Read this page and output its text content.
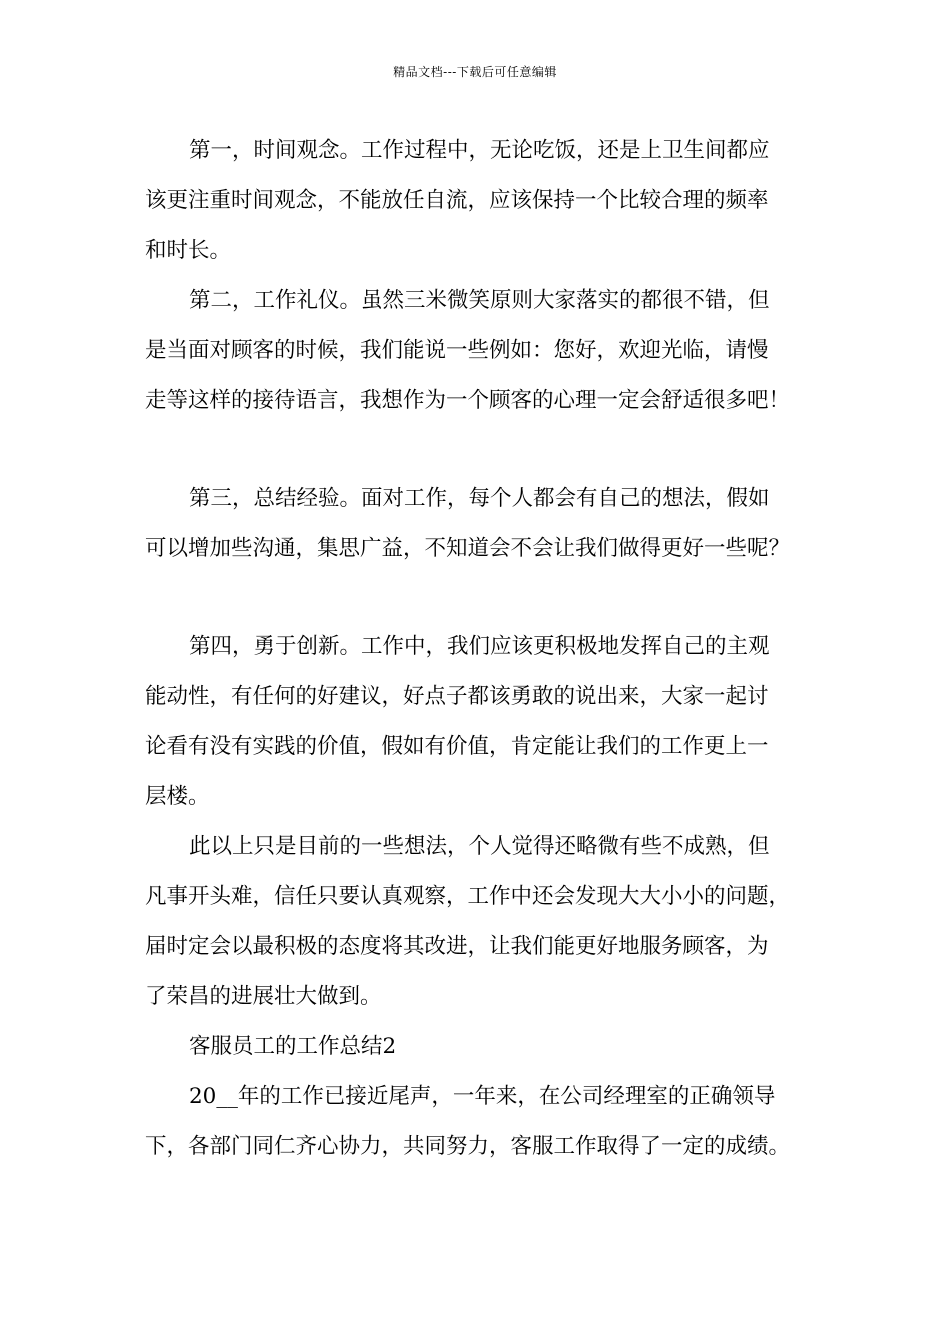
精品文档---下载后可任意编辑
第一，时间观念。工作过程中，无论吃饭，还是上卫生间都应
该更注重时间观念，不能放任自流，应该保持一个比较合理的频率
和时长。
第二，工作礼仪。虽然三米微笑原则大家落实的都很不错，但
是当面对顾客的时候，我们能说一些例如：您好，欢迎光临，请慢
走等这样的接待语言，我想作为一个顾客的心理一定会舒适很多吧！
第三，总结经验。面对工作，每个人都会有自己的想法，假如
可以增加些沟通，集思广益，不知道会不会让我们做得更好一些呢？
第四，勇于创新。工作中，我们应该更积极地发挥自己的主观
能动性，有任何的好建议，好点子都该勇敢的说出来，大家一起讨
论看有没有实践的价值，假如有价值，肯定能让我们的工作更上一
层楼。
此以上只是目前的一些想法，个人觉得还略微有些不成熟，但
凡事开头难，信任只要认真观察，工作中还会发现大大小小的问题，
届时定会以最积极的态度将其改进，让我们能更好地服务顾客，为
了荣昌的进展壮大做到。
客服员工的工作总结2
20__年的工作已接近尾声，一年来，在公司经理室的正确领导
下，各部门同仁齐心协力，共同努力，客服工作取得了一定的成绩。
